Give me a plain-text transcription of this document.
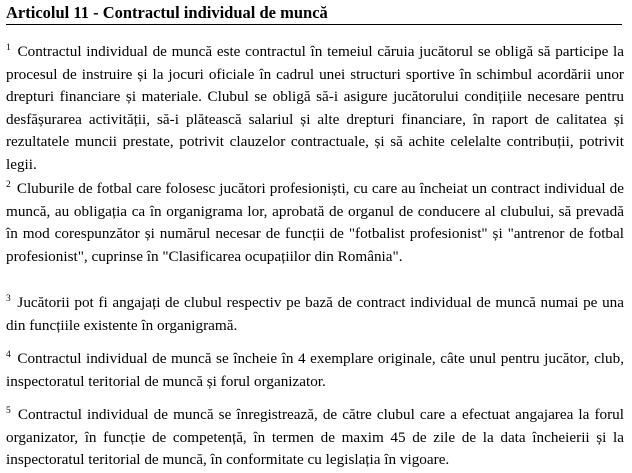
Articolul 11 - Contractul individual de muncă

$^1$ Contractul individual de muncă este contractul în temeiul căruia jucătorul se obligă să participe la procesul de instruire și la jocuri oficiale în cadrul unei structuri sportive în schimbul acordării unor drepturi financiare și materiale. Clubul se obligă să-i asigure jucătorului condițiile necesare pentru desfășurarea activității, să-i plătească salariul și alte drepturi financiare, în raport de calitatea și rezultatele muncii prestate, potrivit clauzelor contractuale, și să achite celelalte contribuții, potrivit legii.

$^2$ Cluburile de fotbal care folosesc jucători profesioniști, cu care au încheiat un contract individual de muncă, au obligația ca în organigrama lor, aprobată de organul de conducere al clubului, să prevadă în mod corespunzător și numărul necesar de funcții de "fotbalist profesionist" și "antrenor de fotbal profesionist", cuprinse în "Clasificarea ocupațiilor din România".

$^3$ Jucătorii pot fi angajați de clubul respectiv pe bază de contract individual de muncă numai pe una din funcțiile existente în organigramă.

$^4$ Contractul individual de muncă se încheie în 4 exemplare originale, câte unul pentru jucător, club, inspectoratul teritorial de muncă și forul organizator.

$^5$ Contractul individual de muncă se înregistrează, de către clubul care a efectuat angajarea la forul organizator, în funcție de competență, în termen de maxim 45 de zile de la data încheierii și la inspectoratul teritorial de muncă, în conformitate cu legislația în vigoare.
